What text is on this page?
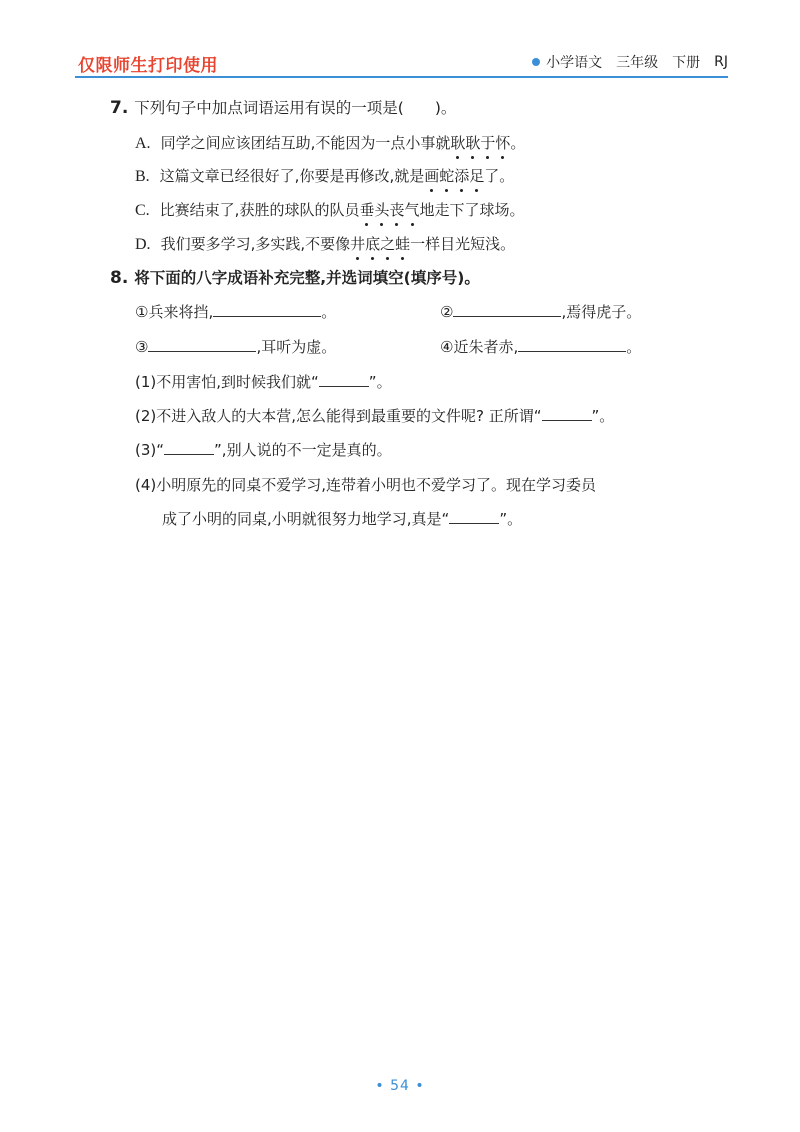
仅限师生打印使用	小学语文 三年级 下册 RJ
7. 下列句子中加点词语运用有误的一项是(　　)。
A. 同学之间应该团结互助,不能因为一点小事就耿耿于怀。
B. 这篇文章已经很好了,你要是再修改,就是画蛇添足了。
C. 比赛结束了,获胜的球队的队员垂头丧气地走下了球场。
D. 我们要多学习,多实践,不要像井底之蛙一样目光短浅。
8. 将下面的八字成语补充完整,并选词填空(填序号)。
①兵来将挡,	。	②	,焉得虎子。
③	,耳听为虚。	④近朱者赤,	。
(1)不用害怕,到时候我们就“	”。
(2)不进入敌人的大本营,怎么能得到最重要的文件呢? 正所谓“	”。
(3)“	”,别人说的不一定是真的。
(4)小明原先的同桌不爱学习,连带着小明也不爱学习了。现在学习委员
成了小明的同桌,小明就很努力地学习,真是“	”。
• 54 •
